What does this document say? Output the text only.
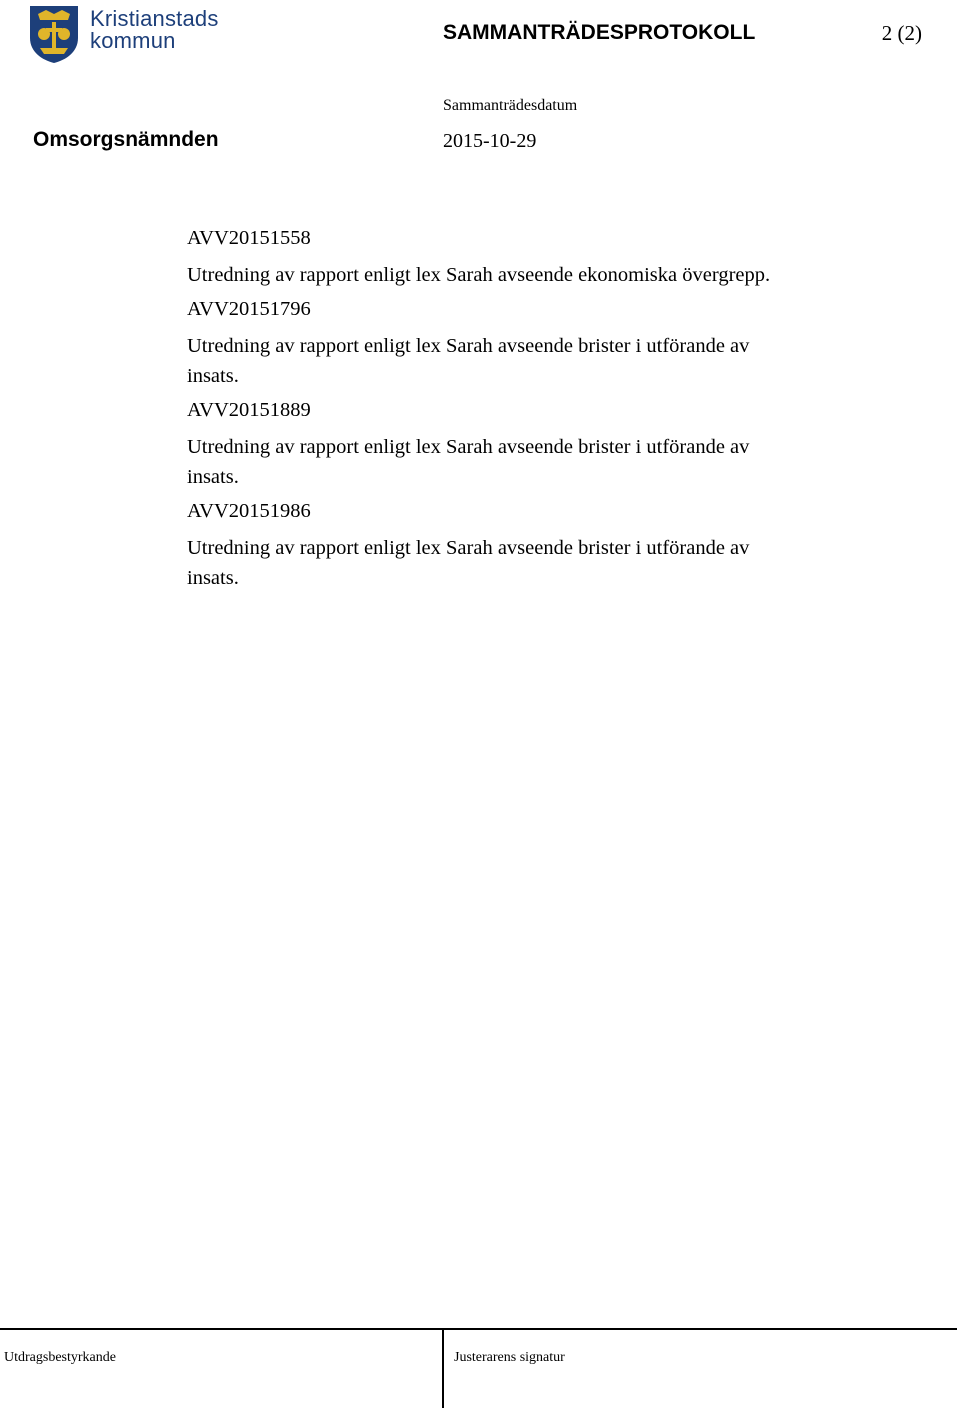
Kristianstads
kommun	SAMMANTRÄDESPROTOKOLL	2 (2)
Sammanträdesdatum
Omsorgsnämnden	2015-10-29
AVV20151558
Utredning av rapport enligt lex Sarah avseende ekonomiska övergrepp.
AVV20151796
Utredning av rapport enligt lex Sarah avseende brister i utförande av insats.
AVV20151889
Utredning av rapport enligt lex Sarah avseende brister i utförande av insats.
AVV20151986
Utredning av rapport enligt lex Sarah avseende brister i utförande av insats.
Utdragsbestyrkande	Justerarens signatur
